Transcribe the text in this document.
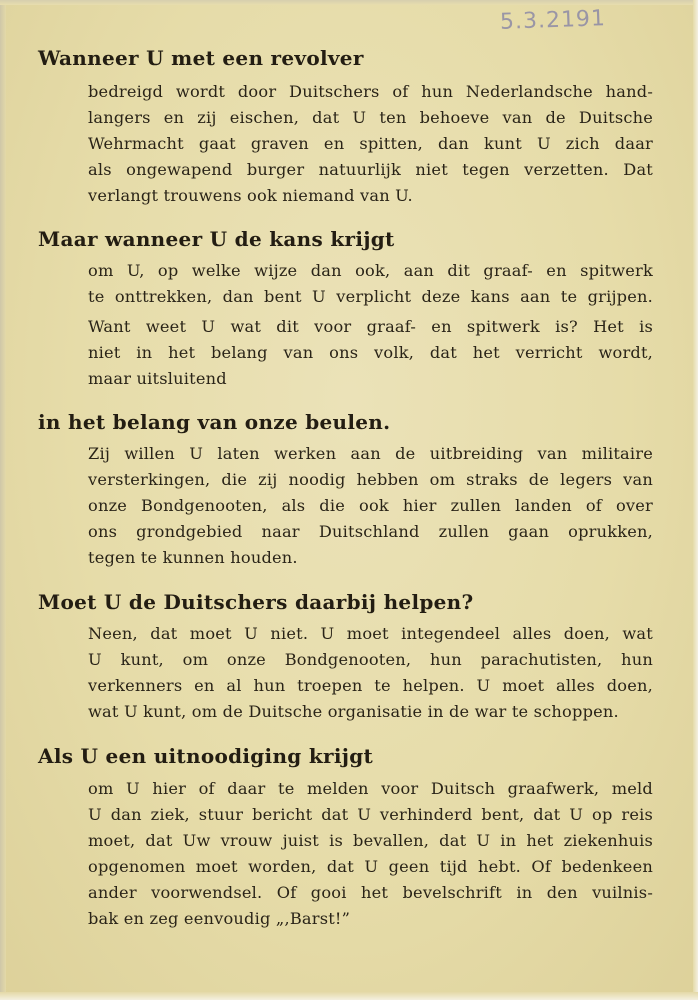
5.3.2191
Wanneer U met een revolver
bedreigd wordt door Duitschers of hun Nederlandsche hand-
langers en zij eischen, dat U ten behoeve van de Duitsche
Wehrmacht gaat graven en spitten, dan kunt U zich daar
als ongewapend burger natuurlijk niet tegen verzetten. Dat
verlangt trouwens ook niemand van U.
Maar wanneer U de kans krijgt
om U, op welke wijze dan ook, aan dit graaf- en spitwerk
te onttrekken, dan bent U verplicht deze kans aan te grijpen.
Want weet U wat dit voor graaf- en spitwerk is? Het is
niet in het belang van ons volk, dat het verricht wordt,
maar uitsluitend
in het belang van onze beulen.
Zij willen U laten werken aan de uitbreiding van militaire
versterkingen, die zij noodig hebben om straks de legers van
onze Bondgenooten, als die ook hier zullen landen of over
ons grondgebied naar Duitschland zullen gaan oprukken,
tegen te kunnen houden.
Moet U de Duitschers daarbij helpen?
Neen, dat moet U niet. U moet integendeel alles doen, wat
U kunt, om onze Bondgenooten, hun parachutisten, hun
verkenners en al hun troepen te helpen. U moet alles doen,
wat U kunt, om de Duitsche organisatie in de war te schoppen.
Als U een uitnoodiging krijgt
om U hier of daar te melden voor Duitsch graafwerk, meld
U dan ziek, stuur bericht dat U verhinderd bent, dat U op reis
moet, dat Uw vrouw juist is bevallen, dat U in het ziekenhuis
opgenomen moet worden, dat U geen tijd hebt. Of bedenkeen
ander voorwendsel. Of gooi het bevelschrift in den vuilnis-
bak en zeg eenvoudig „,Barst!”
